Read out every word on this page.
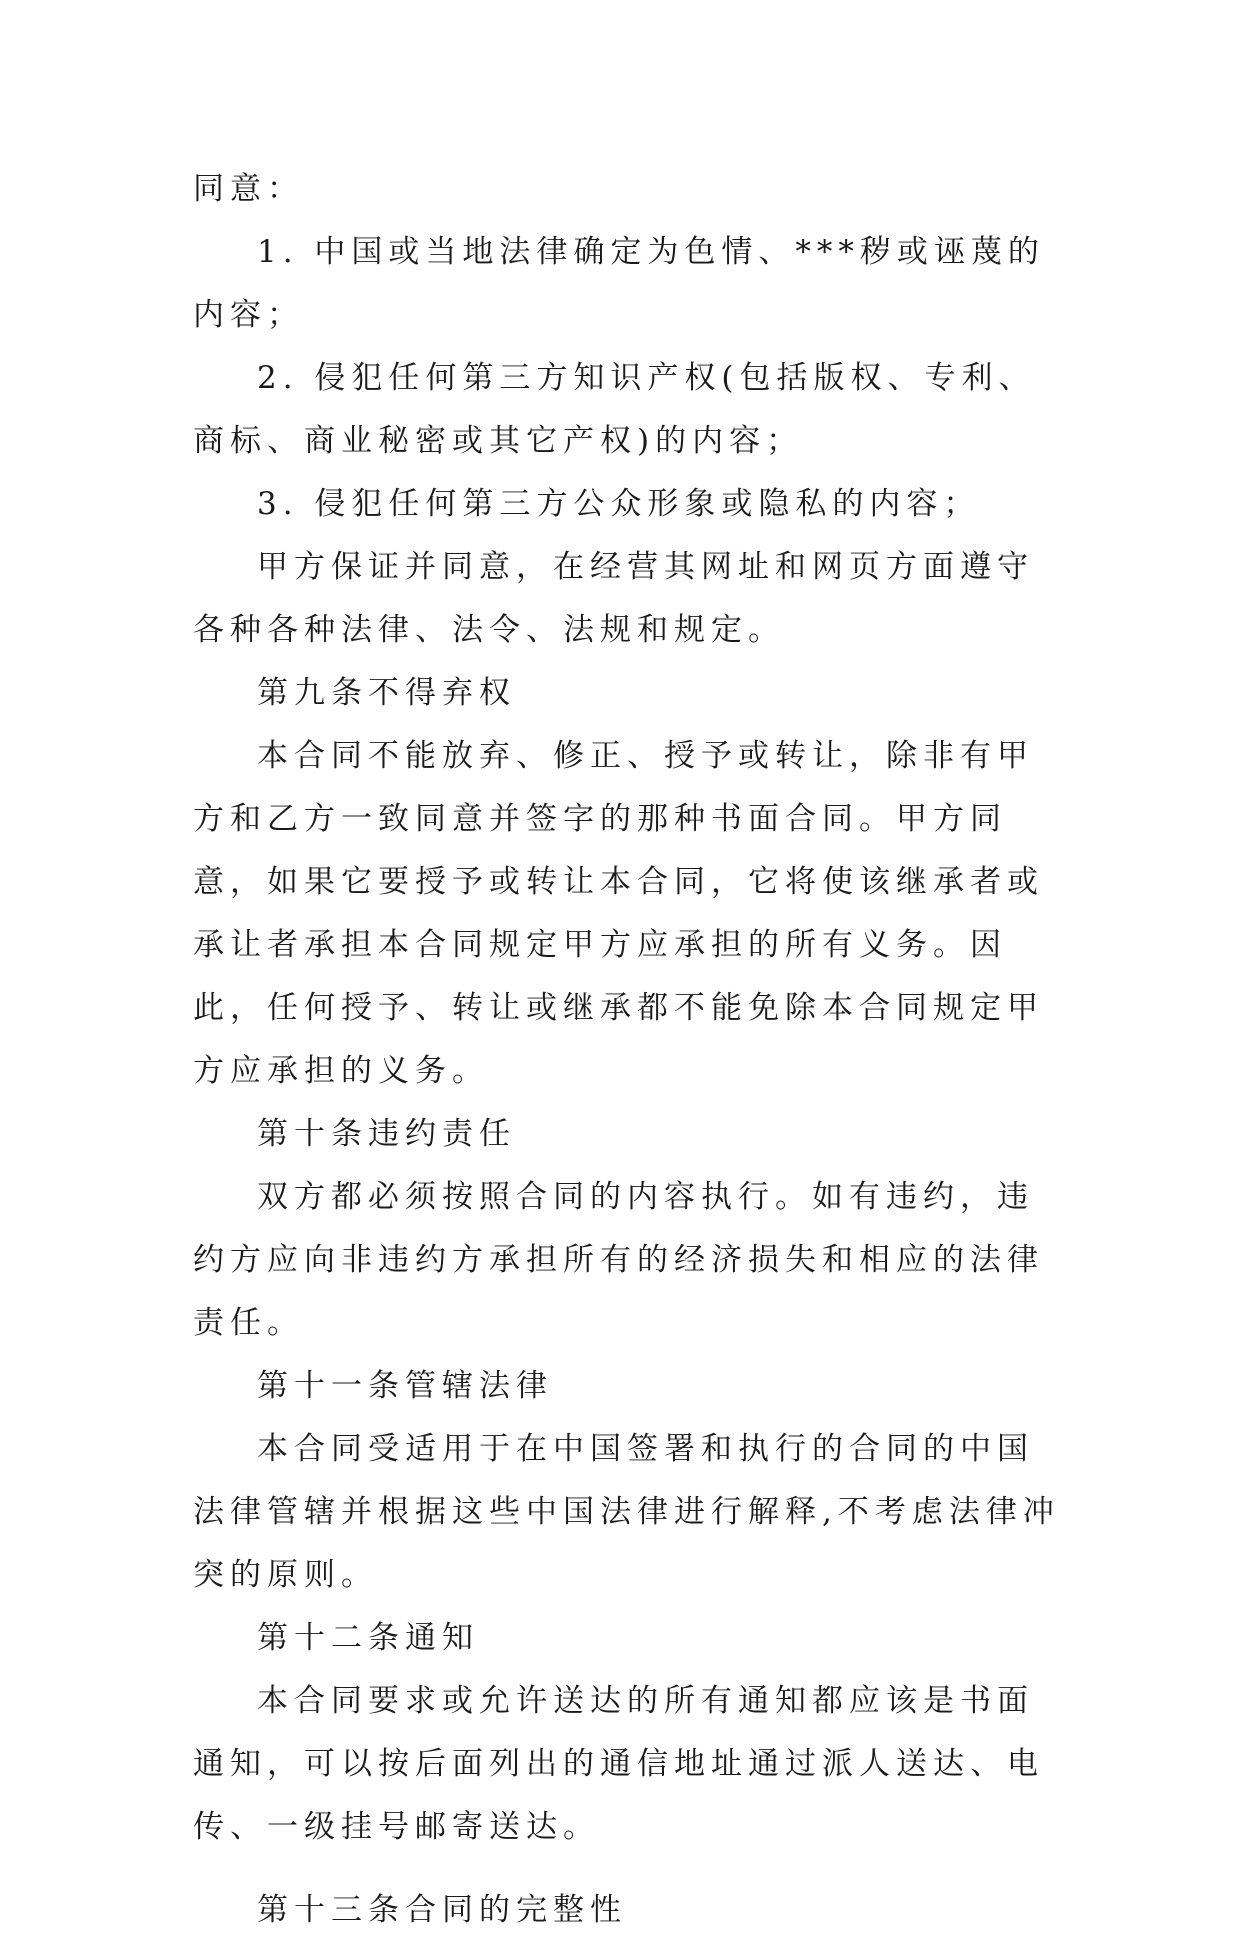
同意：

1. 中国或当地法律确定为色情、***秽或诬蔑的内容；

2. 侵犯任何第三方知识产权(包括版权、专利、商标、商业秘密或其它产权)的内容；

3. 侵犯任何第三方公众形象或隐私的内容；

甲方保证并同意，在经营其网址和网页方面遵守各种各种法律、法令、法规和规定。

第九条不得弃权

本合同不能放弃、修正、授予或转让，除非有甲方和乙方一致同意并签字的那种书面合同。甲方同意，如果它要授予或转让本合同，它将使该继承者或承让者承担本合同规定甲方应承担的所有义务。因此，任何授予、转让或继承都不能免除本合同规定甲方应承担的义务。

第十条违约责任

双方都必须按照合同的内容执行。如有违约，违约方应向非违约方承担所有的经济损失和相应的法律责任。

第十一条管辖法律

本合同受适用于在中国签署和执行的合同的中国法律管辖并根据这些中国法律进行解释,不考虑法律冲突的原则。

第十二条通知

本合同要求或允许送达的所有通知都应该是书面通知，可以按后面列出的通信地址通过派人送达、电传、一级挂号邮寄送达。

第十三条合同的完整性
